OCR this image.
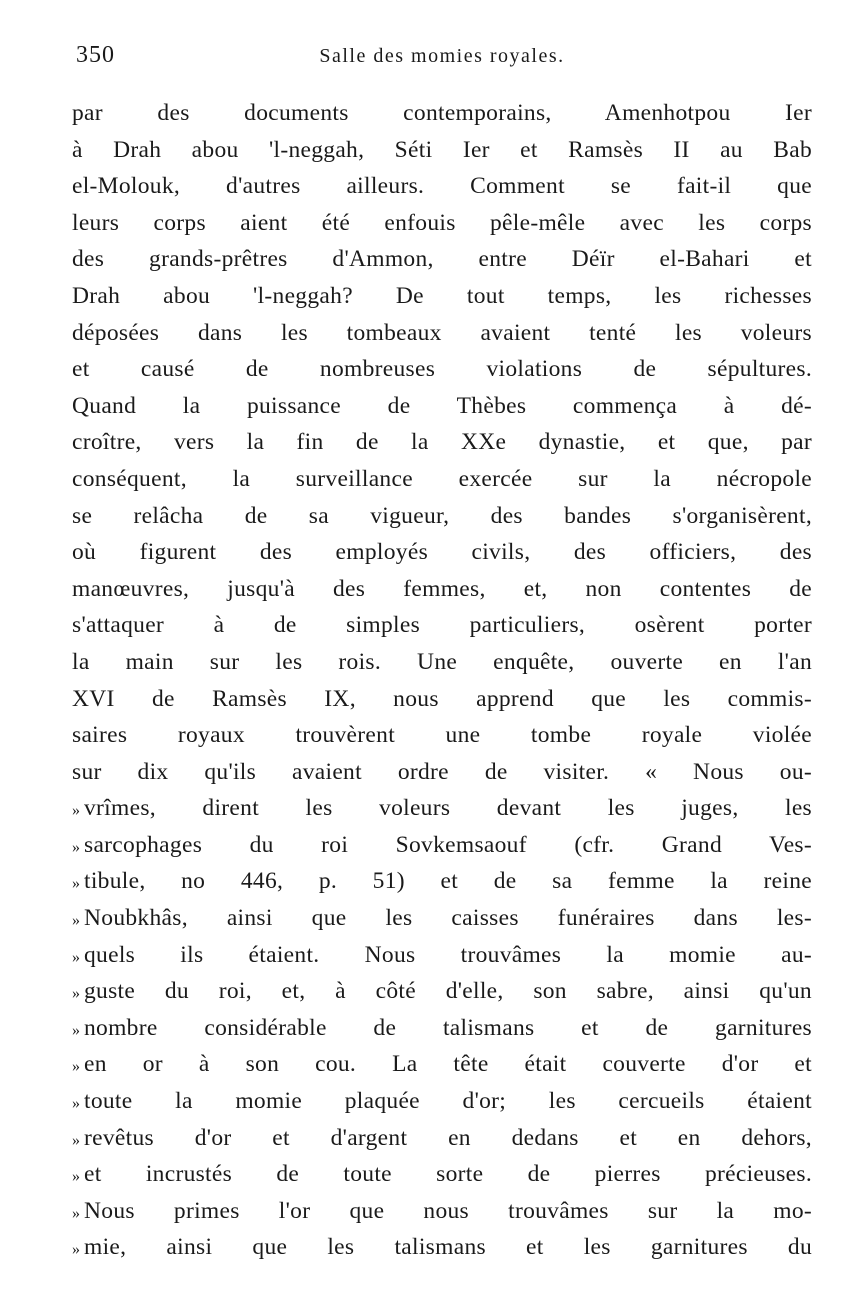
350	Salle des momies royales.
par des documents contemporains, Amenhotpou Ier
à Drah abou 'l-neggah, Séti Ier et Ramsès II au Bab
el-Molouk, d'autres ailleurs. Comment se fait-il que
leurs corps aient été enfouis pêle-mêle avec les corps
des grands-prêtres d'Ammon, entre Déïr el-Bahari et
Drah abou 'l-neggah? De tout temps, les richesses
déposées dans les tombeaux avaient tenté les voleurs
et causé de nombreuses violations de sépultures.
Quand la puissance de Thèbes commença à dé-
croître, vers la fin de la XXe dynastie, et que, par
conséquent, la surveillance exercée sur la nécropole
se relâcha de sa vigueur, des bandes s'organisèrent,
où figurent des employés civils, des officiers, des
manœuvres, jusqu'à des femmes, et, non contentes de
s'attaquer à de simples particuliers, osèrent porter
la main sur les rois. Une enquête, ouverte en l'an
XVI de Ramsès IX, nous apprend que les commis-
saires royaux trouvèrent une tombe royale violée
sur dix qu'ils avaient ordre de visiter. « Nous ou-
» vrîmes, dirent les voleurs devant les juges, les
» sarcophages du roi Sovkemsaouf (cfr. Grand Ves-
» tibule, no 446, p. 51) et de sa femme la reine
» Noubkhâs, ainsi que les caisses funéraires dans les-
» quels ils étaient. Nous trouvâmes la momie au-
» guste du roi, et, à côté d'elle, son sabre, ainsi qu'un
» nombre considérable de talismans et de garnitures
» en or à son cou. La tête était couverte d'or et
» toute la momie plaquée d'or; les cercueils étaient
» revêtus d'or et d'argent en dedans et en dehors,
» et incrustés de toute sorte de pierres précieuses.
» Nous primes l'or que nous trouvâmes sur la mo-
» mie, ainsi que les talismans et les garnitures du
